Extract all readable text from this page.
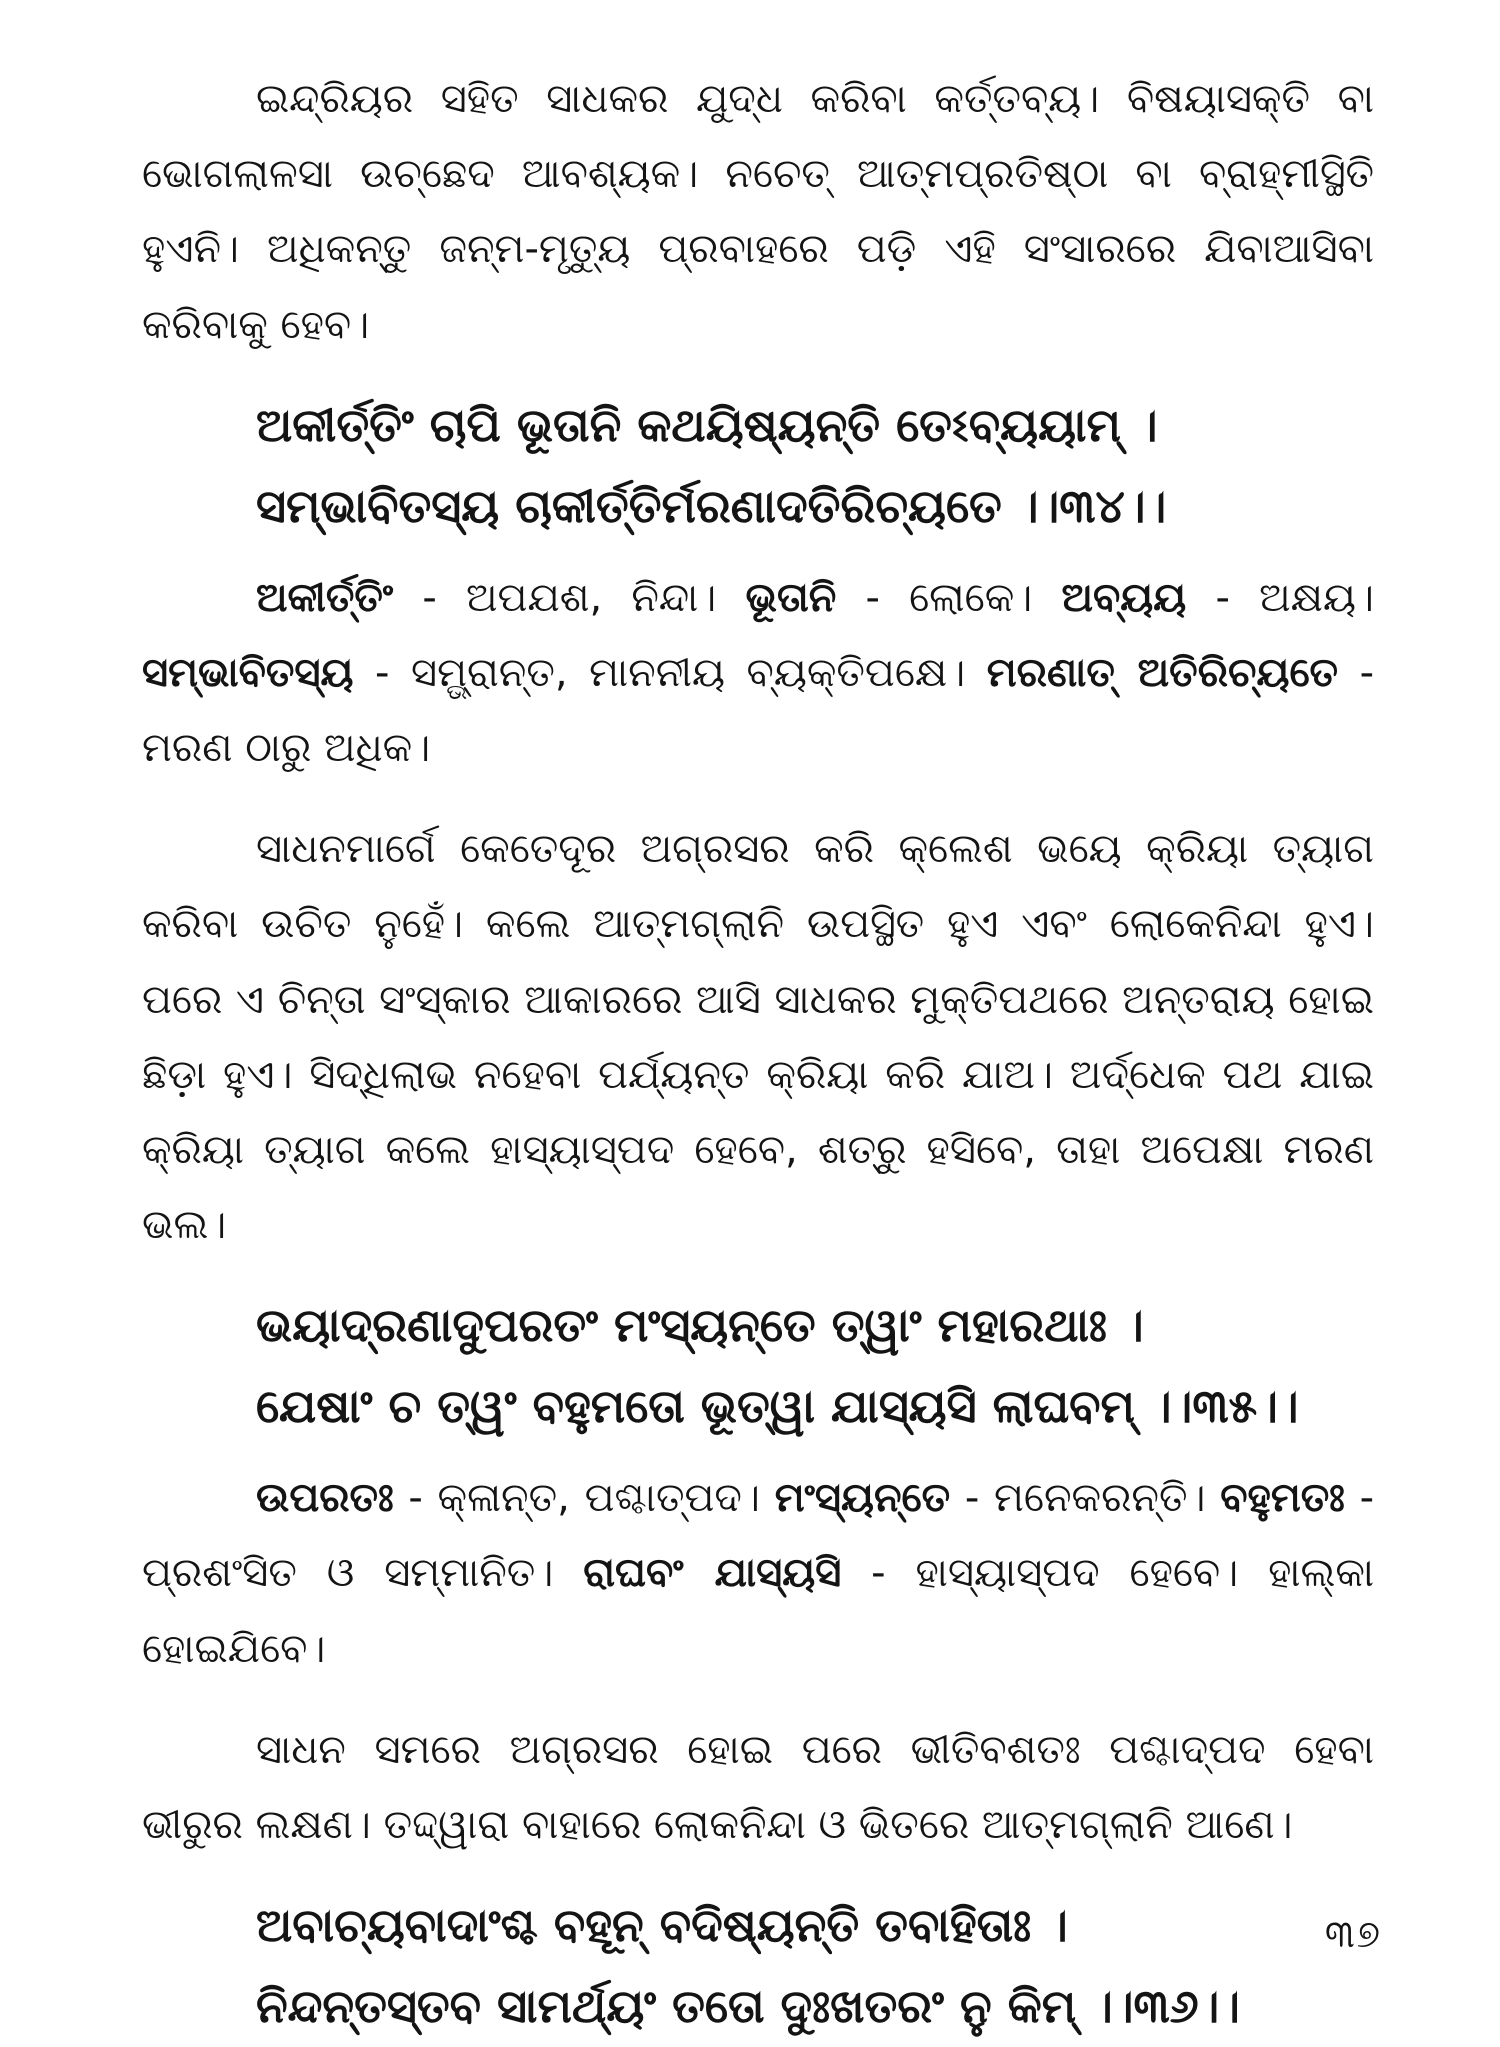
ଇନ୍ଦ୍ରିୟର ସହିତ ସାଧକର ଯୁଦ୍ଧ କରିବା କର୍ତ୍ତବ୍ୟ। ବିଷୟାସକ୍ତି ବା ଭୋଗଲାଳସା ଉଚ୍ଛେଦ ଆବଶ୍ୟକ। ନଚେତ୍ ଆତ୍ମପ୍ରତିଷ୍ଠା ବା ବ୍ରାହ୍ମୀସ୍ଥିତି ହୁଏନି। ଅଧିକନ୍ତୁ ଜନ୍ମ-ମୃତ୍ୟୁ ପ୍ରବାହରେ ପଡ଼ି ଏହି ସଂସାରରେ ଯିବାଆସିବା କରିବାକୁ ହେବ।

ଅକୀର୍ତ୍ତିଂ ଚାପି ଭୂତାନି କଥୟିଷ୍ୟନ୍ତି ତେଽବ୍ୟୟାମ୍ ।
ସମ୍ଭାବିତସ୍ୟ ଚାକୀର୍ତ୍ତିର୍ମରଣାଦତିରିଚ୍ୟତେ ।।୩୪।।

ଅକୀର୍ତ୍ତିଂ - ଅପଯଶ, ନିନ୍ଦା। ଭୂତାନି - ଲୋକେ। ଅବ୍ୟୟ - ଅକ୍ଷୟ। ସମ୍ଭାବିତସ୍ୟ - ସମ୍ଭ୍ରାନ୍ତ, ମାନନୀୟ ବ୍ୟକ୍ତିପକ୍ଷେ। ମରଣାତ୍ ଅତିରିଚ୍ୟତେ - ମରଣ ଠାରୁ ଅଧିକ।

ସାଧନମାର୍ଗେ କେତେଦୂର ଅଗ୍ରସର କରି କ୍ଲେଶ ଭୟେ କ୍ରିୟା ତ୍ୟାଗ କରିବା ଉଚିତ ନୁହେଁ। କଲେ ଆତ୍ମଗ୍ଲାନି ଉପସ୍ଥିତ ହୁଏ ଏବଂ ଲୋକେନିନ୍ଦା ହୁଏ। ପରେ ଏ ଚିନ୍ତା ସଂସ୍କାର ଆକାରରେ ଆସି ସାଧକର ମୁକ୍ତିପଥରେ ଅନ୍ତରାୟ ହୋଇ ଛିଡ଼ା ହୁଏ। ସିଦ୍ଧିଲାଭ ନହେବା ପର୍ଯ୍ୟନ୍ତ କ୍ରିୟା କରି ଯାଅ। ଅର୍ଦ୍ଧେକ ପଥ ଯାଇ କ୍ରିୟା ତ୍ୟାଗ କଲେ ହାସ୍ୟାସ୍ପଦ ହେବେ, ଶତ୍ରୁ ହସିବେ, ତାହା ଅପେକ୍ଷା ମରଣ ଭଲ।

ଭୟାଦ୍ରଣାଦୁପରତଂ ମଂସ୍ୟନ୍ତେ ତ୍ୱାଂ ମହାରଥାଃ ।
ଯେଷାଂ ଚ ତ୍ୱଂ ବହୁମତୋ ଭୂତ୍ୱା ଯାସ୍ୟସି ଲାଘବମ୍ ।।୩୫।।

ଉପରତଃ - କ୍ଳାନ୍ତ, ପଶ୍ଚାତ୍‌ପଦ। ମଂସ୍ୟନ୍ତେ - ମନେକରନ୍ତି। ବହୁମତଃ - ପ୍ରଶଂସିତ ଓ ସମ୍ମାନିତ। ରାଘବଂ ଯାସ୍ୟସି - ହାସ୍ୟାସ୍ପଦ ହେବେ। ହାଲ୍‌କା ହୋଇଯିବେ।

ସାଧନ ସମରେ ଅଗ୍ରସର ହୋଇ ପରେ ଭୀତିବଶତଃ ପଶ୍ଚାଦ୍‌ପଦ ହେବା ଭୀରୁର ଲକ୍ଷଣ। ତଦ୍ଦ୍ୱାରା ବାହାରେ ଲୋକନିନ୍ଦା ଓ ଭିତରେ ଆତ୍ମଗ୍ଲାନି ଆଣେ।

ଅବାଚ୍ୟବାଦାଂଶ୍ଚ ବହୂନ୍ ବଦିଷ୍ୟନ୍ତି ତବାହିତାଃ ।
ନିନ୍ଦନ୍ତସ୍ତବ ସାମର୍ଥ୍ୟଂ ତତୋ ଦୁଃଖତରଂ ନୁ କିମ୍ ।।୩୬।।
୩୭
